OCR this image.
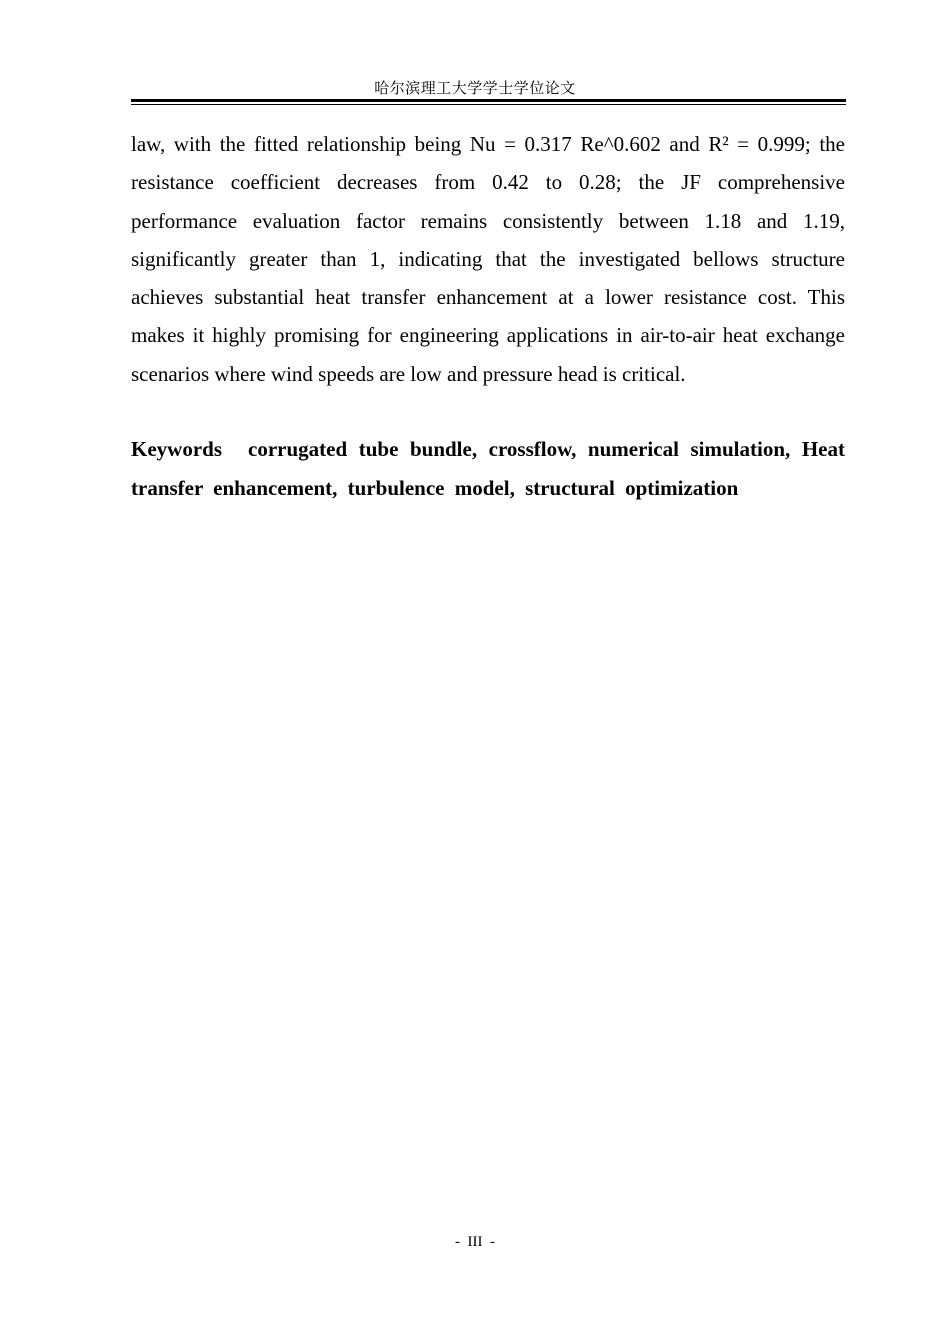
哈尔滨理工大学学士学位论文

law, with the fitted relationship being Nu = 0.317 Re^0.602 and R² = 0.999; the resistance coefficient decreases from 0.42 to 0.28; the JF comprehensive performance evaluation factor remains consistently between 1.18 and 1.19, significantly greater than 1, indicating that the investigated bellows structure achieves substantial heat transfer enhancement at a lower resistance cost. This makes it highly promising for engineering applications in air-to-air heat exchange scenarios where wind speeds are low and pressure head is critical.

Keywords corrugated tube bundle, crossflow, numerical simulation, Heat transfer enhancement, turbulence model, structural optimization

-  III  -
